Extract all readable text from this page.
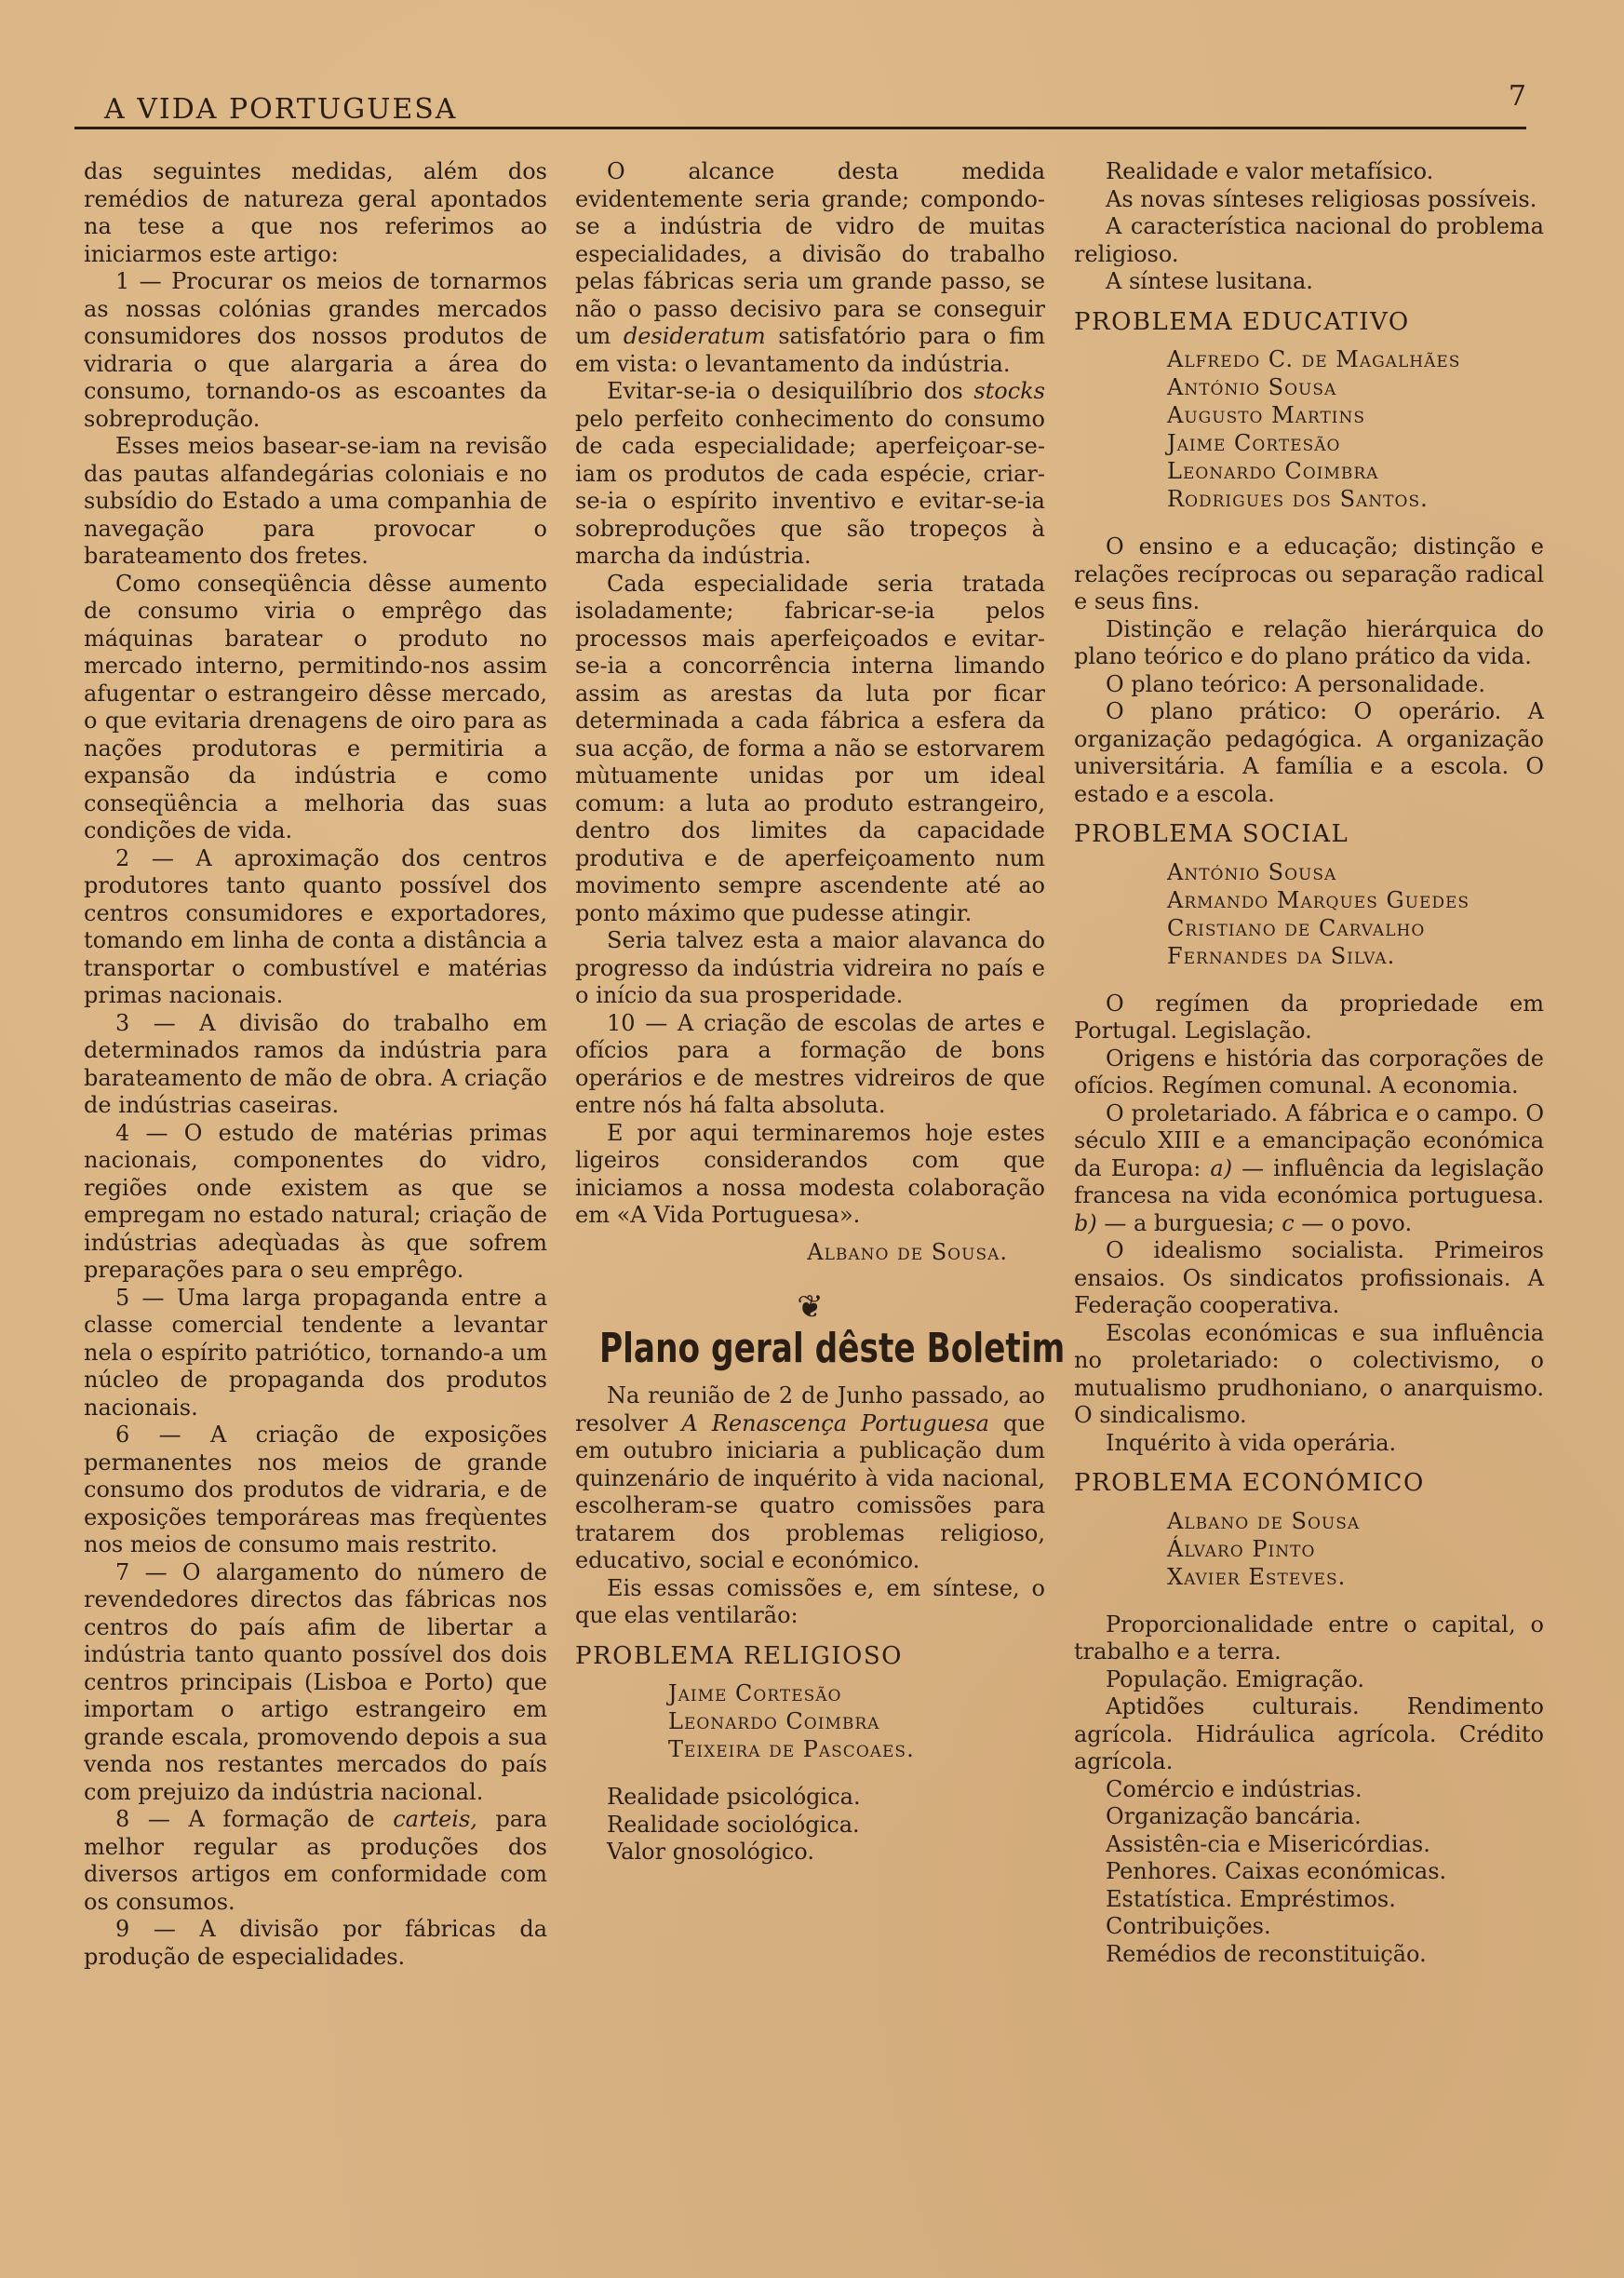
A VIDA PORTUGUESA	7

das seguintes medidas, além dos remédios de natureza geral apontados na tese a que nos referimos ao iniciarmos este artigo:

1 — Procurar os meios de tornarmos as nossas colónias grandes mercados consumidores dos nossos produtos de vidraria o que alargaria a área do consumo, tornando-os as escoantes da sobreprodução.

Esses meios basear-se-iam na revisão das pautas alfandegárias coloniais e no subsídio do Estado a uma companhia de navegação para provocar o barateamento dos fretes.

Como conseqüência dêsse aumento de consumo viria o emprêgo das máquinas baratear o produto no mercado interno, permitindo-nos assim afugentar o estrangeiro dêsse mercado, o que evitaria drenagens de oiro para as nações produtoras e permitiria a expansão da indústria e como conseqüência a melhoria das suas condições de vida.

2 — A aproximação dos centros produtores tanto quanto possível dos centros consumidores e exportadores, tomando em linha de conta a distância a transportar o combustível e matérias primas nacionais.

3 — A divisão do trabalho em determinados ramos da indústria para barateamento de mão de obra. A criação de indústrias caseiras.

4 — O estudo de matérias primas nacionais, componentes do vidro, regiões onde existem as que se empregam no estado natural; criação de indústrias adeqùadas às que sofrem preparações para o seu emprêgo.

5 — Uma larga propaganda entre a classe comercial tendente a levantar nela o espírito patriótico, tornando-a um núcleo de propaganda dos produtos nacionais.

6 — A criação de exposições permanentes nos meios de grande consumo dos produtos de vidraria, e de exposições temporáreas mas freqùentes nos meios de consumo mais restrito.

7 — O alargamento do número de revendedores directos das fábricas nos centros do país afim de libertar a indústria tanto quanto possível dos dois centros principais (Lisboa e Porto) que importam o artigo estrangeiro em grande escala, promovendo depois a sua venda nos restantes mercados do país com prejuizo da indústria nacional.

8 — A formação de carteis, para melhor regular as produções dos diversos artigos em conformidade com os consumos.

9 — A divisão por fábricas da produção de especialidades.

O alcance desta medida evidentemente seria grande; compondo-se a indústria de vidro de muitas especialidades, a divisão do trabalho pelas fábricas seria um grande passo, se não o passo decisivo para se conseguir um desideratum satisfatório para o fim em vista: o levantamento da indústria.

Evitar-se-ia o desiquilíbrio dos stocks pelo perfeito conhecimento do consumo de cada especialidade; aperfeiçoar-se-iam os produtos de cada espécie, criar-se-ia o espírito inventivo e evitar-se-ia sobreproduções que são tropeços à marcha da indústria.

Cada especialidade seria tratada isoladamente; fabricar-se-ia pelos processos mais aperfeiçoados e evitar-se-ia a concorrência interna limando assim as arestas da luta por ficar determinada a cada fábrica a esfera da sua acção, de forma a não se estorvarem mùtuamente unidas por um ideal comum: a luta ao produto estrangeiro, dentro dos limites da capacidade produtiva e de aperfeiçoamento num movimento sempre ascendente até ao ponto máximo que pudesse atingir.

Seria talvez esta a maior alavanca do progresso da indústria vidreira no país e o início da sua prosperidade.

10 — A criação de escolas de artes e ofícios para a formação de bons operários e de mestres vidreiros de que entre nós há falta absoluta.

E por aqui terminaremos hoje estes ligeiros considerandos com que iniciamos a nossa modesta colaboração em «A Vida Portuguesa».

Albano de Sousa.
❦
Plano geral dêste Boletim

Na reunião de 2 de Junho passado, ao resolver A Renascença Portuguesa que em outubro iniciaria a publicação dum quinzenário de inquérito à vida nacional, escolheram-se quatro comissões para tratarem dos problemas religioso, educativo, social e económico.

Eis essas comissões e, em síntese, o que elas ventilarão:

PROBLEMA RELIGIOSO
Jaime Cortesão
Leonardo Coimbra
Teixeira de Pascoaes.

Realidade psicológica.

Realidade sociológica.

Valor gnosológico.

Realidade e valor metafísico.

As novas sínteses religiosas possíveis.

A característica nacional do problema religioso.

A síntese lusitana.

PROBLEMA EDUCATIVO
Alfredo C. de Magalhães
António Sousa
Augusto Martins
Jaime Cortesão
Leonardo Coimbra
Rodrigues dos Santos.

O ensino e a educação; distinção e relações recíprocas ou separação radical e seus fins.

Distinção e relação hierárquica do plano teórico e do plano prático da vida.

O plano teórico: A personalidade.

O plano prático: O operário. A organização pedagógica. A organização universitária. A família e a escola. O estado e a escola.

PROBLEMA SOCIAL
António Sousa
Armando Marques Guedes
Cristiano de Carvalho
Fernandes da Silva.

O regímen da propriedade em Portugal. Legislação.

Origens e história das corporações de ofícios. Regímen comunal. A economia.

O proletariado. A fábrica e o campo. O século XIII e a emancipação económica da Europa: a) — influência da legislação francesa na vida económica portuguesa. b) — a burguesia; c — o povo.

O idealismo socialista. Primeiros ensaios. Os sindicatos profissionais. A Federação cooperativa.

Escolas económicas e sua influência no proletariado: o colectivismo, o mutualismo prudhoniano, o anarquismo. O sindicalismo.

Inquérito à vida operária.

PROBLEMA ECONÓMICO
Albano de Sousa
Álvaro Pinto
Xavier Esteves.

Proporcionalidade entre o capital, o trabalho e a terra.

População. Emigração.

Aptidões culturais. Rendimento agrícola. Hidráulica agrícola. Crédito agrícola.

Comércio e indústrias.

Organização bancária.

Assistên-cia e Misericórdias.

Penhores. Caixas económicas.

Estatística. Empréstimos.

Contribuições.

Remédios de reconstituição.
